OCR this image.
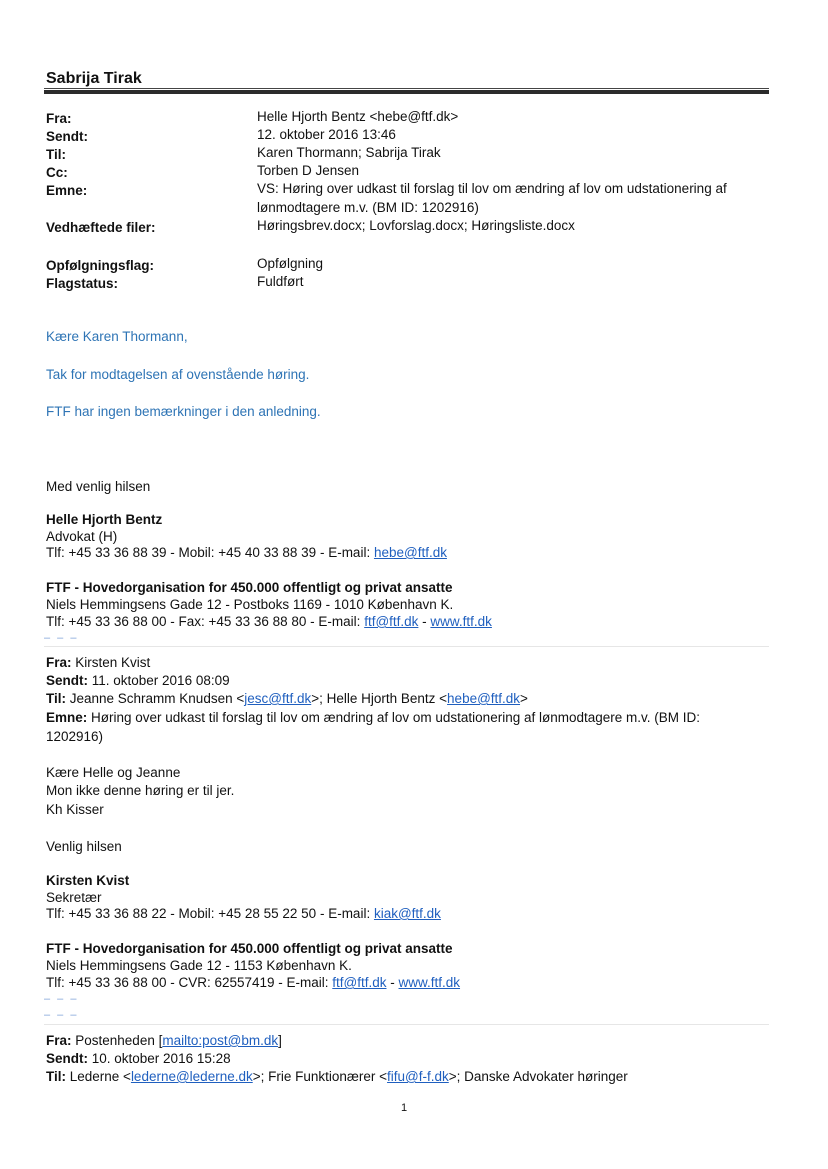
Sabrija Tirak
Fra:	Helle Hjorth Bentz <hebe@ftf.dk>
Sendt:	12. oktober 2016 13:46
Til:	Karen Thormann; Sabrija Tirak
Cc:	Torben D Jensen
Emne:	VS: Høring over udkast til forslag til lov om ændring af lov om udstationering af
lønmodtagere m.v. (BM ID: 1202916)
Vedhæftede filer:	Høringsbrev.docx; Lovforslag.docx; Høringsliste.docx
Opfølgningsflag:	Opfølgning
Flagstatus:	Fuldført
Kære Karen Thormann,
Tak for modtagelsen af ovenstående høring.
FTF har ingen bemærkninger i den anledning.
Med venlig hilsen
Helle Hjorth Bentz
Advokat (H)
Tlf: +45 33 36 88 39 - Mobil: +45 40 33 88 39 - E-mail: hebe@ftf.dk
FTF - Hovedorganisation for 450.000 offentligt og privat ansatte
Niels Hemmingsens Gade 12 - Postboks 1169 - 1010 København K.
Tlf: +45 33 36 88 00 - Fax: +45 33 36 88 80 - E-mail: ftf@ftf.dk - www.ftf.dk
– – –
Fra: Kirsten Kvist
Sendt: 11. oktober 2016 08:09
Til: Jeanne Schramm Knudsen <jesc@ftf.dk>; Helle Hjorth Bentz <hebe@ftf.dk>
Emne: Høring over udkast til forslag til lov om ændring af lov om udstationering af lønmodtagere m.v. (BM ID:
1202916)
Kære Helle og Jeanne
Mon ikke denne høring er til jer.
Kh Kisser
Venlig hilsen
Kirsten Kvist
Sekretær
Tlf: +45 33 36 88 22 - Mobil: +45 28 55 22 50 - E-mail: kiak@ftf.dk
FTF - Hovedorganisation for 450.000 offentligt og privat ansatte
Niels Hemmingsens Gade 12 - 1153 København K.
Tlf: +45 33 36 88 00 - CVR: 62557419 - E-mail: ftf@ftf.dk - www.ftf.dk
– – –
– – –
Fra: Postenheden [mailto:post@bm.dk]
Sendt: 10. oktober 2016 15:28
Til: Lederne <lederne@lederne.dk>; Frie Funktionærer <fifu@f-f.dk>; Danske Advokater høringer
1
